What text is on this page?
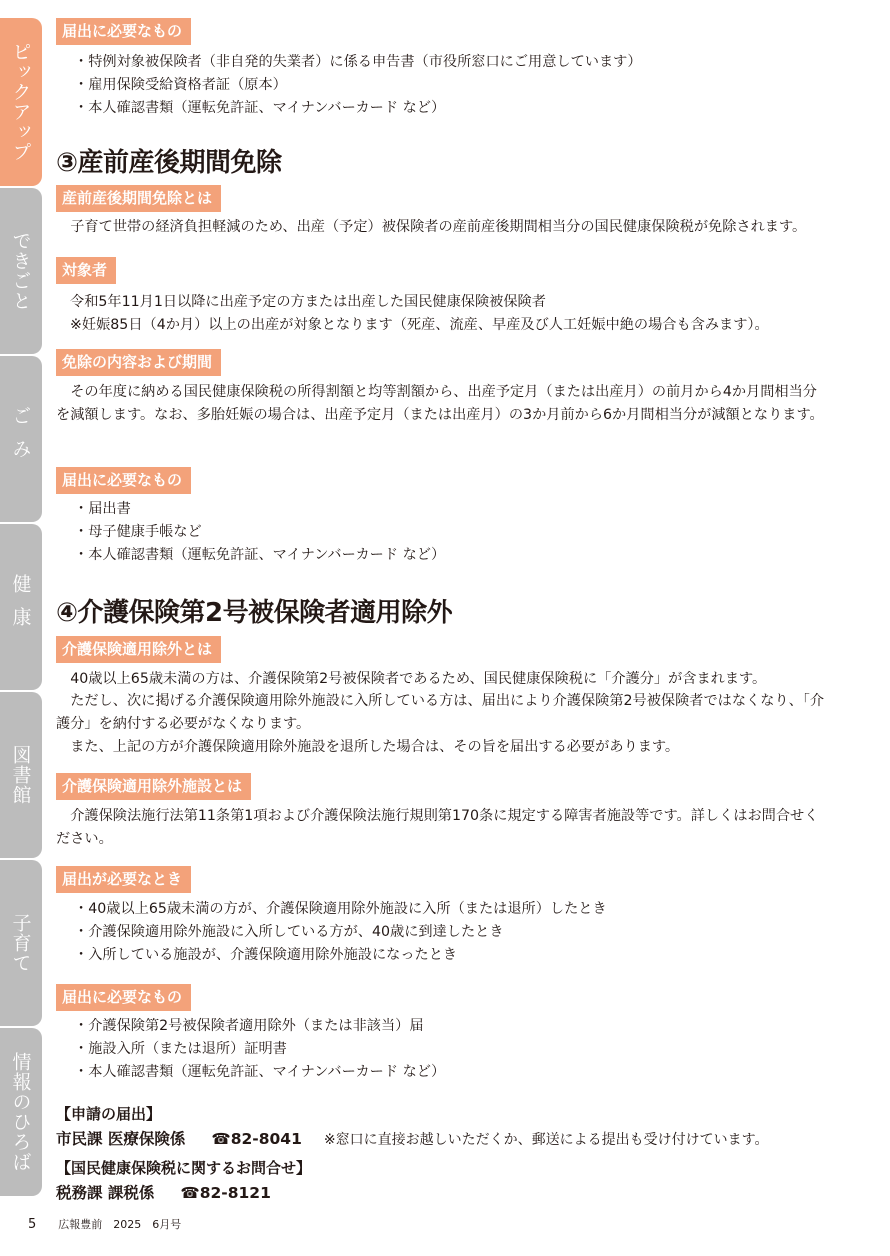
ピックアップ
できごと
ごみ
健康
図書館
子育て
情報のひろば
届出に必要なもの
・ 特例対象被保険者（非自発的失業者）に係る申告書（市役所窓口にご用意しています）
・ 雇用保険受給資格者証（原本）
・ 本人確認書類（運転免許証、マイナンバーカード など）
③産前産後期間免除
産前産後期間免除とは

子育て世帯の経済負担軽減のため、出産（予定）被保険者の産前産後期間相当分の国民健康保険税が免除されます。

対象者
令和5年11月1日以降に出産予定の方または出産した国民健康保険被保険者
※妊娠85日（4か月）以上の出産が対象となります（死産、流産、早産及び人工妊娠中絶の場合も含みます）。
免除の内容および期間

その年度に納める国民健康保険税の所得割額と均等割額から、出産予定月（または出産月）の前月から4か月間相当分を減額します。なお、多胎妊娠の場合は、出産予定月（または出産月）の3か月前から6か月間相当分が減額となります。

届出に必要なもの
・ 届出書
・ 母子健康手帳など
・ 本人確認書類（運転免許証、マイナンバーカード など）
④介護保険第2号被保険者適用除外
介護保険適用除外とは

40歳以上65歳未満の方は、介護保険第2号被保険者であるため、国民健康保険税に「介護分」が含まれます。

ただし、次に掲げる介護保険適用除外施設に入所している方は、届出により介護保険第2号被保険者ではなくなり、「介護分」を納付する必要がなくなります。

また、上記の方が介護保険適用除外施設を退所した場合は、その旨を届出する必要があります。

介護保険適用除外施設とは

介護保険法施行法第11条第1項および介護保険法施行規則第170条に規定する障害者施設等です。詳しくはお問合せください。

届出が必要なとき
・ 40歳以上65歳未満の方が、介護保険適用除外施設に入所（または退所）したとき
・ 介護保険適用除外施設に入所している方が、40歳に到達したとき
・ 入所している施設が、介護保険適用除外施設になったとき
届出に必要なもの
・ 介護保険第2号被保険者適用除外（または非該当）届
・ 施設入所（または退所）証明書
・ 本人確認書類（運転免許証、マイナンバーカード など）
【申請の届出】
市民課 医療保険係 ☎82-8041 ※窓口に直接お越しいただくか、郵送による提出も受け付けています。
【国民健康保険税に関するお問合せ】
税務課 課税係 ☎82-8121
5 広報豊前　2025　6月号
